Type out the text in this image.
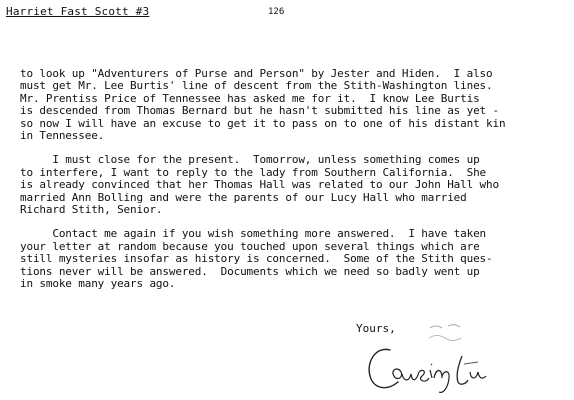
Harriet Fast Scott #3	126
to look up "Adventurers of Purse and Person" by Jester and Hiden.  I also
must get Mr. Lee Burtis' line of descent from the Stith-Washington lines.
Mr. Prentiss Price of Tennessee has asked me for it.  I know Lee Burtis
is descended from Thomas Bernard but he hasn't submitted his line as yet -
so now I will have an excuse to get it to pass on to one of his distant kin
in Tennessee.
I must close for the present.  Tomorrow, unless something comes up
to interfere, I want to reply to the lady from Southern California.  She
is already convinced that her Thomas Hall was related to our John Hall who
married Ann Bolling and were the parents of our Lucy Hall who married
Richard Stith, Senior.
Contact me again if you wish something more answered.  I have taken
your letter at random because you touched upon several things which are
still mysteries insofar as history is concerned.  Some of the Stith ques-
tions never will be answered.  Documents which we need so badly went up
in smoke many years ago.
Yours,
